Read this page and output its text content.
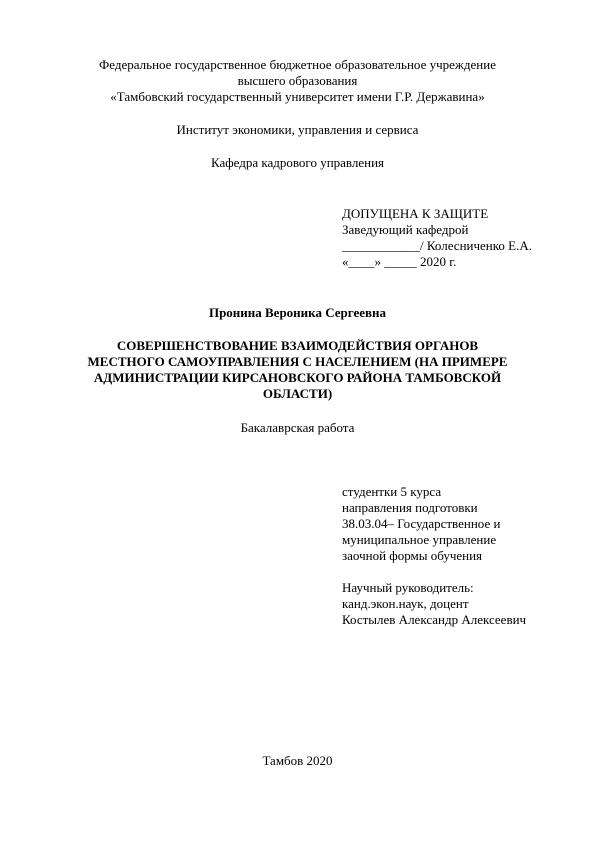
Федеральное государственное бюджетное образовательное учреждение
высшего образования
«Тамбовский государственный университет имени Г.Р. Державина»
Институт экономики, управления и сервиса
Кафедра кадрового управления
ДОПУЩЕНА К ЗАЩИТЕ
Заведующий кафедрой
____________/ Колесниченко Е.А.
«____» _____ 2020 г.
Пронина Вероника Сергеевна
СОВЕРШЕНСТВОВАНИЕ ВЗАИМОДЕЙСТВИЯ ОРГАНОВ
МЕСТНОГО САМОУПРАВЛЕНИЯ С НАСЕЛЕНИЕМ (НА ПРИМЕРЕ
АДМИНИСТРАЦИИ КИРСАНОВСКОГО РАЙОНА ТАМБОВСКОЙ
ОБЛАСТИ)
Бакалаврская работа
студентки 5 курса
направления подготовки
38.03.04– Государственное и
муниципальное управление
заочной формы обучения
Научный руководитель:
канд.экон.наук, доцент
Костылев Александр Алексеевич
Тамбов 2020
